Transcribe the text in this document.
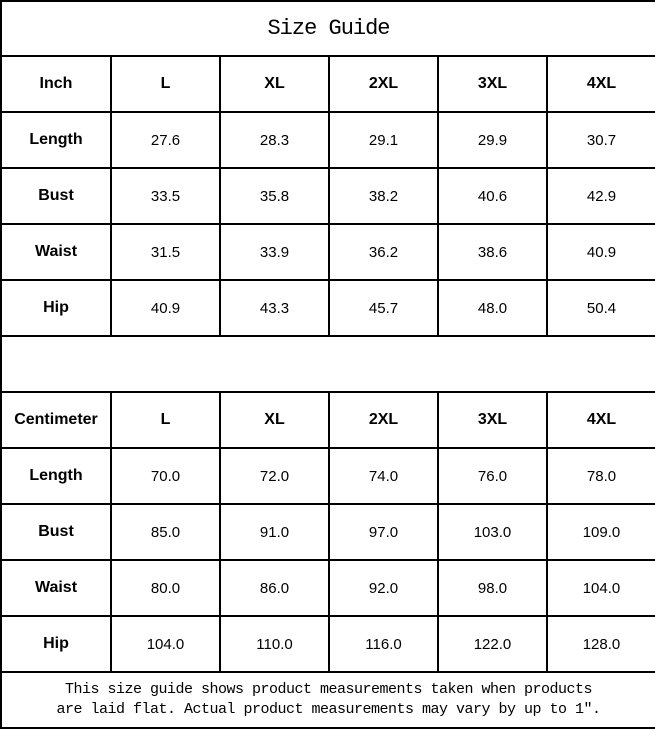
Size Guide					
Inch	L	XL	2XL	3XL	4XL
Length	27.6	28.3	29.1	29.9	30.7
Bust	33.5	35.8	38.2	40.6	42.9
Waist	31.5	33.9	36.2	38.6	40.9
Hip	40.9	43.3	45.7	48.0	50.4

Centimeter	L	XL	2XL	3XL	4XL
Length	70.0	72.0	74.0	76.0	78.0
Bust	85.0	91.0	97.0	103.0	109.0
Waist	80.0	86.0	92.0	98.0	104.0
Hip	104.0	110.0	116.0	122.0	128.0

This size guide shows product measurements taken when products
are laid flat. Actual product measurements may vary by up to 1″.					
